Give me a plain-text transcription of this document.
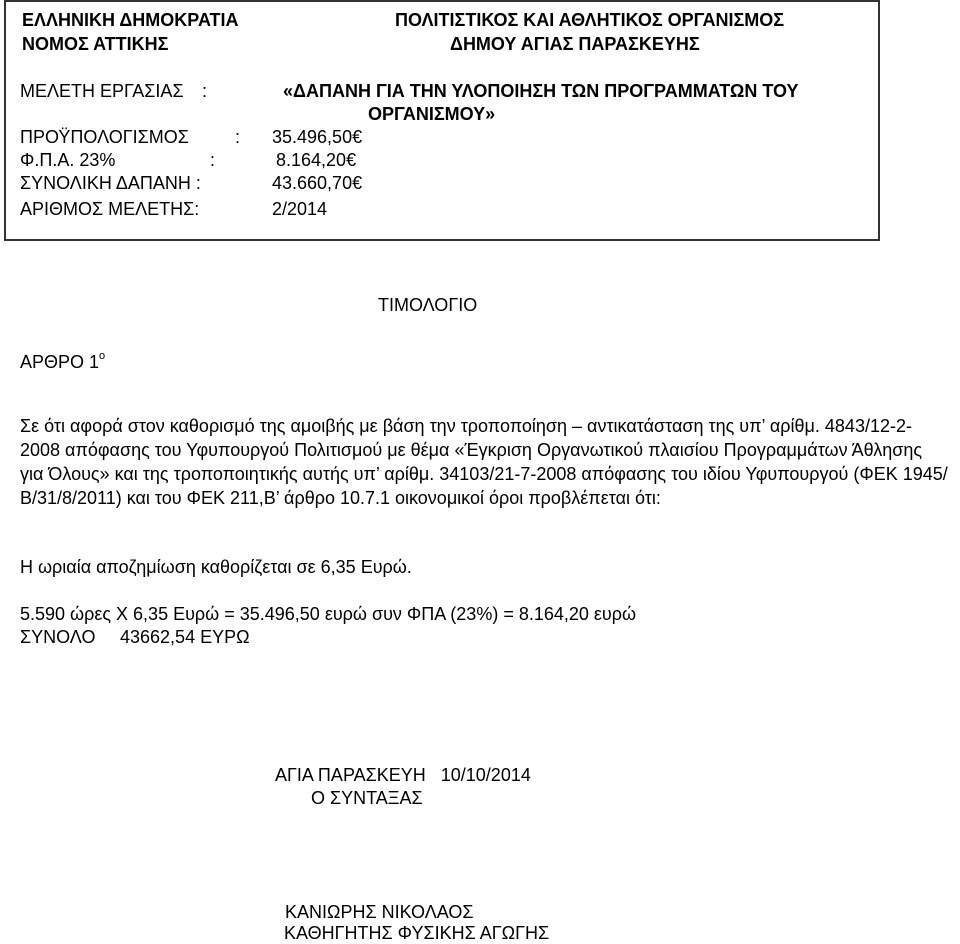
ΕΛΛΗΝΙΚΗ ΔΗΜΟΚΡΑΤΙΑ
ΝΟΜΟΣ ΑΤΤΙΚΗΣ
ΠΟΛΙΤΙΣΤΙΚΟΣ ΚΑΙ ΑΘΛΗΤΙΚΟΣ ΟΡΓΑΝΙΣΜΟΣ
ΔΗΜΟΥ ΑΓΙΑΣ ΠΑΡΑΣΚΕΥΗΣ
ΜΕΛΕΤΗ ΕΡΓΑΣΙΑΣ :	«ΔΑΠΑΝΗ ΓΙΑ ΤΗΝ ΥΛΟΠΟΙΗΣΗ ΤΩΝ ΠΡΟΓΡΑΜΜΑΤΩΝ ΤΟΥ
ΟΡΓΑΝΙΣΜΟΥ»
ΠΡΟΫΠΟΛΟΓΙΣΜΟΣ	: 35.496,50€
Φ.Π.Α. 23%	:	8.164,20€
ΣΥΝΟΛΙΚΗ ΔΑΠΑΝΗ :	43.660,70€
ΑΡΙΘΜΟΣ ΜΕΛΕΤΗΣ:	2/2014
ΤΙΜΟΛΟΓΙΟ
ΑΡΘΡΟ $1^o$
Σε ότι αφορά στον καθορισμό της αμοιβής με βάση την τροποποίηση – αντικατάσταση της υπ’ αρίθμ. 4843/12-2-2008 απόφασης του Υφυπουργού Πολιτισμού με θέμα «Έγκριση Οργανωτικού πλαισίου Προγραμμάτων Άθλησης για Όλους» και της τροποποιητικής αυτής υπ’ αρίθμ. 34103/21-7-2008 απόφασης του ιδίου Υφυπουργού (ΦΕΚ 1945/Β/31/8/2011) και του ΦΕΚ 211,Β’ άρθρο 10.7.1 οικονομικοί όροι προβλέπεται ότι:
Η ωριαία αποζημίωση καθορίζεται σε 6,35 Ευρώ.
5.590 ώρες Χ 6,35 Ευρώ = 35.496,50 ευρώ συν ΦΠΑ (23%) = 8.164,20 ευρώ
ΣΥΝΟΛΟ 43662,54 ΕΥΡΩ
ΑΓΙΑ ΠΑΡΑΣΚΕΥΗ   10/10/2014
Ο ΣΥΝΤΑΞΑΣ
ΚΑΝΙΩΡΗΣ ΝΙΚΟΛΑΟΣ
ΚΑΘΗΓΗΤΗΣ ΦΥΣΙΚΗΣ ΑΓΩΓΗΣ
